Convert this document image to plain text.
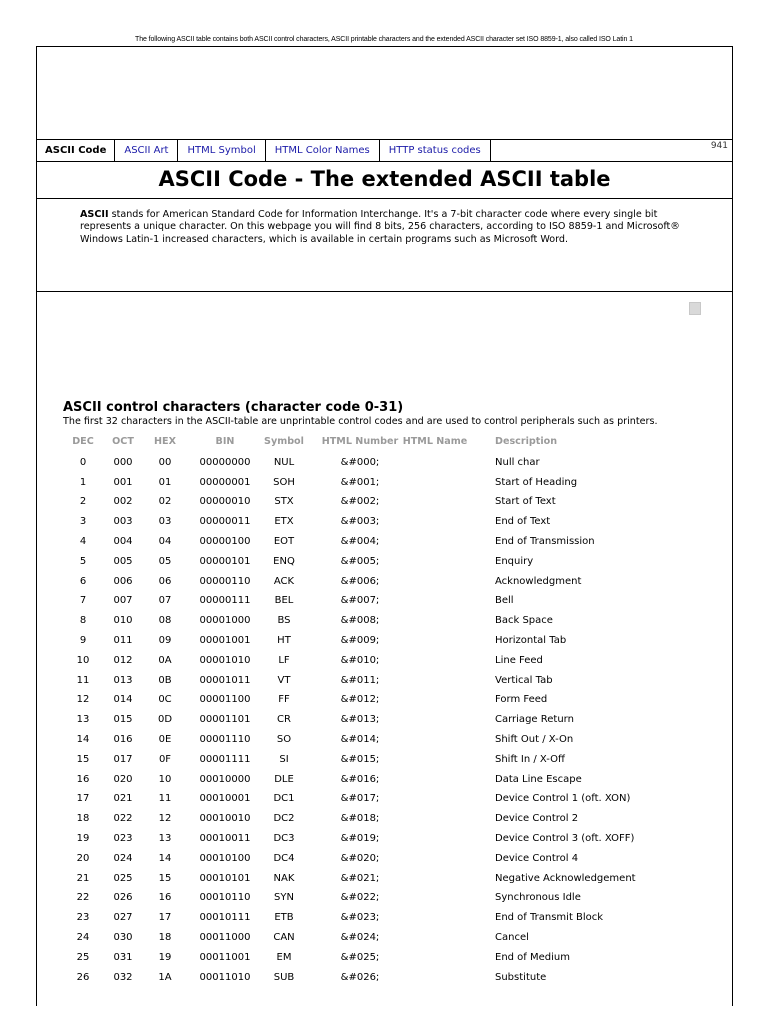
The following ASCII table contains both ASCII control characters, ASCII printable characters and the extended ASCII character set ISO 8859-1, also called ISO Latin 1
ASCII Code	ASCII Art	HTML Symbol	HTML Color Names	HTTP status codes	941
ASCII Code - The extended ASCII table
ASCII stands for American Standard Code for Information Interchange. It's a 7-bit character code where every single bit represents a unique character. On this webpage you will find 8 bits, 256 characters, according to ISO 8859-1 and Microsoft® Windows Latin-1 increased characters, which is available in certain programs such as Microsoft Word.
ASCII control characters (character code 0-31)
The first 32 characters in the ASCII-table are unprintable control codes and are used to control peripherals such as printers.
DEC	OCT	HEX	BIN	Symbol	HTML Number HTML Name	Description
0	000	00	00000000	NUL	&#000;	Null char
1	001	01	00000001	SOH	&#001;	Start of Heading
2	002	02	00000010	STX	&#002;	Start of Text
3	003	03	00000011	ETX	&#003;	End of Text
4	004	04	00000100	EOT	&#004;	End of Transmission
5	005	05	00000101	ENQ	&#005;	Enquiry
6	006	06	00000110	ACK	&#006;	Acknowledgment
7	007	07	00000111	BEL	&#007;	Bell
8	010	08	00001000	BS	&#008;	Back Space
9	011	09	00001001	HT	&#009;	Horizontal Tab
10	012	0A	00001010	LF	&#010;	Line Feed
11	013	0B	00001011	VT	&#011;	Vertical Tab
12	014	0C	00001100	FF	&#012;	Form Feed
13	015	0D	00001101	CR	&#013;	Carriage Return
14	016	0E	00001110	SO	&#014;	Shift Out / X-On
15	017	0F	00001111	SI	&#015;	Shift In / X-Off
16	020	10	00010000	DLE	&#016;	Data Line Escape
17	021	11	00010001	DC1	&#017;	Device Control 1 (oft. XON)
18	022	12	00010010	DC2	&#018;	Device Control 2
19	023	13	00010011	DC3	&#019;	Device Control 3 (oft. XOFF)
20	024	14	00010100	DC4	&#020;	Device Control 4
21	025	15	00010101	NAK	&#021;	Negative Acknowledgement
22	026	16	00010110	SYN	&#022;	Synchronous Idle
23	027	17	00010111	ETB	&#023;	End of Transmit Block
24	030	18	00011000	CAN	&#024;	Cancel
25	031	19	00011001	EM	&#025;	End of Medium
26	032	1A	00011010	SUB	&#026;	Substitute
